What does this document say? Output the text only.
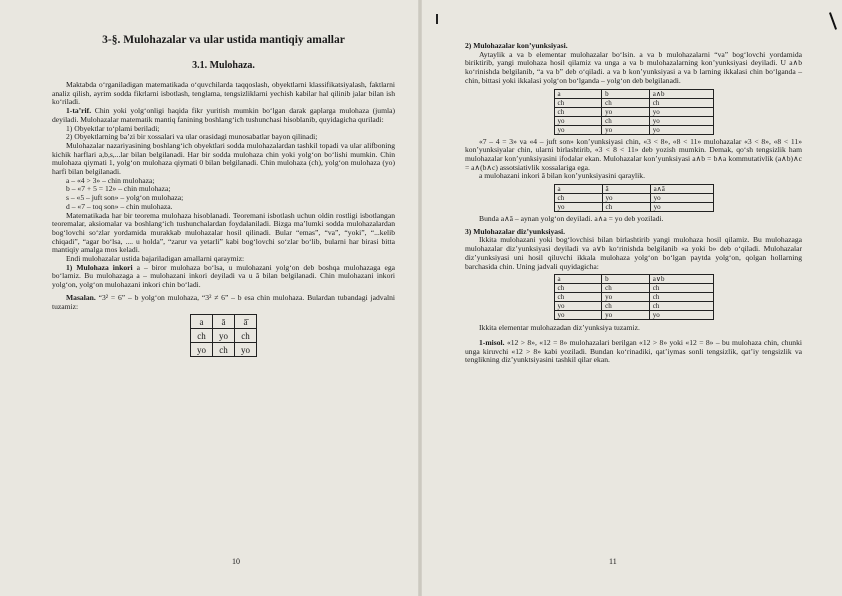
3-§. Mulohazalar va ular ustida mantiqiy amallar
3.1. Mulohaza.

Maktabda o‘rganiladigan matematikada o‘quvchilarda taqqoslash, obyektlarni klassifikatsiyalash, faktlarni analiz qilish, ayrim sodda fikrlarni isbotlash, tenglama, tengsizliklarni yechish kabilar hal qilinib jalar bilan ish ko‘riladi.

1-ta’rif. Chin yoki yolg‘onligi haqida fikr yuritish mumkin bo‘lgan darak gaplarga mulohaza (jumla) deyiladi. Mulohazalar matematik mantiq fanining boshlang‘ich tushunchasi hisoblanib, quyidagicha quriladi:

1) Obyektlar to‘plami beriladi;

2) Obyektlarning ba’zi bir xossalari va ular orasidagi munosabatlar bayon qilinadi;

Mulohazalar nazariyasining boshlang‘ich obyektlari sodda mulohazalardan tashkil topadi va ular alifboning kichik harflari a,b,s,...lar bilan belgilanadi. Har bir sodda mulohaza chin yoki yolg‘on bo‘lishi mumkin. Chin mulohaza qiymati 1, yolg‘on mulohaza qiymati 0 bilan belgilanadi. Chin mulohaza (ch), yolg‘on mulohaza (yo) harfi bilan belgilanadi.

a – «4 > 3» – chin mulohaza;

b – «7 + 5 = 12» – chin mulohaza;

s – «5 – juft son» – yolg‘on mulohaza;

d – «7 – toq son» – chin mulohaza.

Matematikada har bir teorema mulohaza hisoblanadi. Teoremani isbotlash uchun oldin rostligi isbotlangan teoremalar, aksiomalar va boshlang‘ich tushunchalardan foydalaniladi. Bizga ma’lumki sodda mulohazalardan bog‘lovchi so‘zlar yordamida murakkab mulohazalar hosil qilinadi. Bular “emas”, “va”, “yoki”, “...kelib chiqadi”, “agar bo‘lsa, .... u holda”, “zarur va yetarli” kabi bog‘lovchi so‘zlar bo‘lib, bularni har birasi bitta mantiqiy amalga mos keladi.

Endi mulohazalar ustida bajariladigan amallarni qaraymiz:

1) Mulohaza inkori a – biror mulohaza bo‘lsa, u mulohazani yolg‘on deb boshqa mulohazaga ega bo‘lamiz. Bu mulohazaga a – mulohazani inkori deyiladi va u ā bilan belgilanadi. Chin mulohazani inkori yolg‘on, yolg‘on mulohazani inkori chin bo‘ladi.

Masalan. “3² = 6” – b yolg‘on mulohaza, “3² ≠ 6” – b esa chin mulohaza. Bulardan tubandagi jadvalni tuzamiz:

a	ā	ā̄
ch	yo	ch
yo	ch	yo
10

2) Mulohazalar kon’yunksiyasi.

Aytaylik a va b elementar mulohazalar bo‘lsin. a va b mulohazalarni “va” bog‘lovchi yordamida biriktirib, yangi mulohaza hosil qilamiz va unga a va b mulohazalarning kon’yunksiyasi deyiladi. U a∧b ko‘rinishda belgilanib, “a va b” deb o‘qiladi. a va b kon’yunksiyasi a va b larning ikkalasi chin bo‘lganda – chin, bittasi yoki ikkalasi yolg‘on bo‘lganda – yolg‘on deb belgilanadi.

a	b	a∧b
ch	ch	ch
ch	yo	yo
yo	ch	yo
yo	yo	yo

«7 – 4 = 3» va «4 – juft son» kon’yunksiyasi chin, «3 < 8», «8 < 11» mulohazalar «3 < 8», «8 < 11» kon’yunksiyalar chin, ularni birlashtirib, «3 < 8 < 11» deb yozish mumkin. Demak, qo‘sh tengsizlik ham mulohazalar kon’yunksiyasini ifodalar ekan. Mulohazalar kon’yunksiyasi a∧b = b∧a kommutativlik (a∧b)∧c = a∧(b∧c) assotsiativlik xossalariga ega.

a mulohazani inkori ā bilan kon’yunksiyasini qaraylik.

a	ā	a∧ā
ch	yo	yo
yo	ch	yo

Bunda a∧ā – aynan yolg‘on deyiladi. a∧a = yo deb yoziladi.

3) Mulohazalar diz’yunksiyasi.

Ikkita mulohazani yoki bog‘lovchisi bilan birlashtirib yangi mulohaza hosil qilamiz. Bu mulohazaga mulohazalar diz’yunksiyasi deyiladi va a∨b ko‘rinishda belgilanib «a yoki b» deb o‘qiladi. Mulohazalar diz’yunksiyasi uni hosil qiluvchi ikkala mulohaza yolg‘on bo‘lgan paytda yolg‘on, qolgan hollarning barchasida chin. Uning jadvali quyidagicha:

a	b	a∨b
ch	ch	ch
ch	yo	ch
yo	ch	ch
yo	yo	yo

Ikkita elementar mulohazadan diz’yunksiya tuzamiz.

1-misol. «12 > 8», «12 = 8» mulohazalari berilgan «12 > 8» yoki «12 = 8» – bu mulohaza chin, chunki unga kiruvchi «12 > 8» kabi yoziladi. Bundan ko‘rinadiki, qat’iymas sonli tengsizlik, qat’iy tengsizlik va tenglikning diz’yunktsiyasini tashkil qilar ekan.

11
